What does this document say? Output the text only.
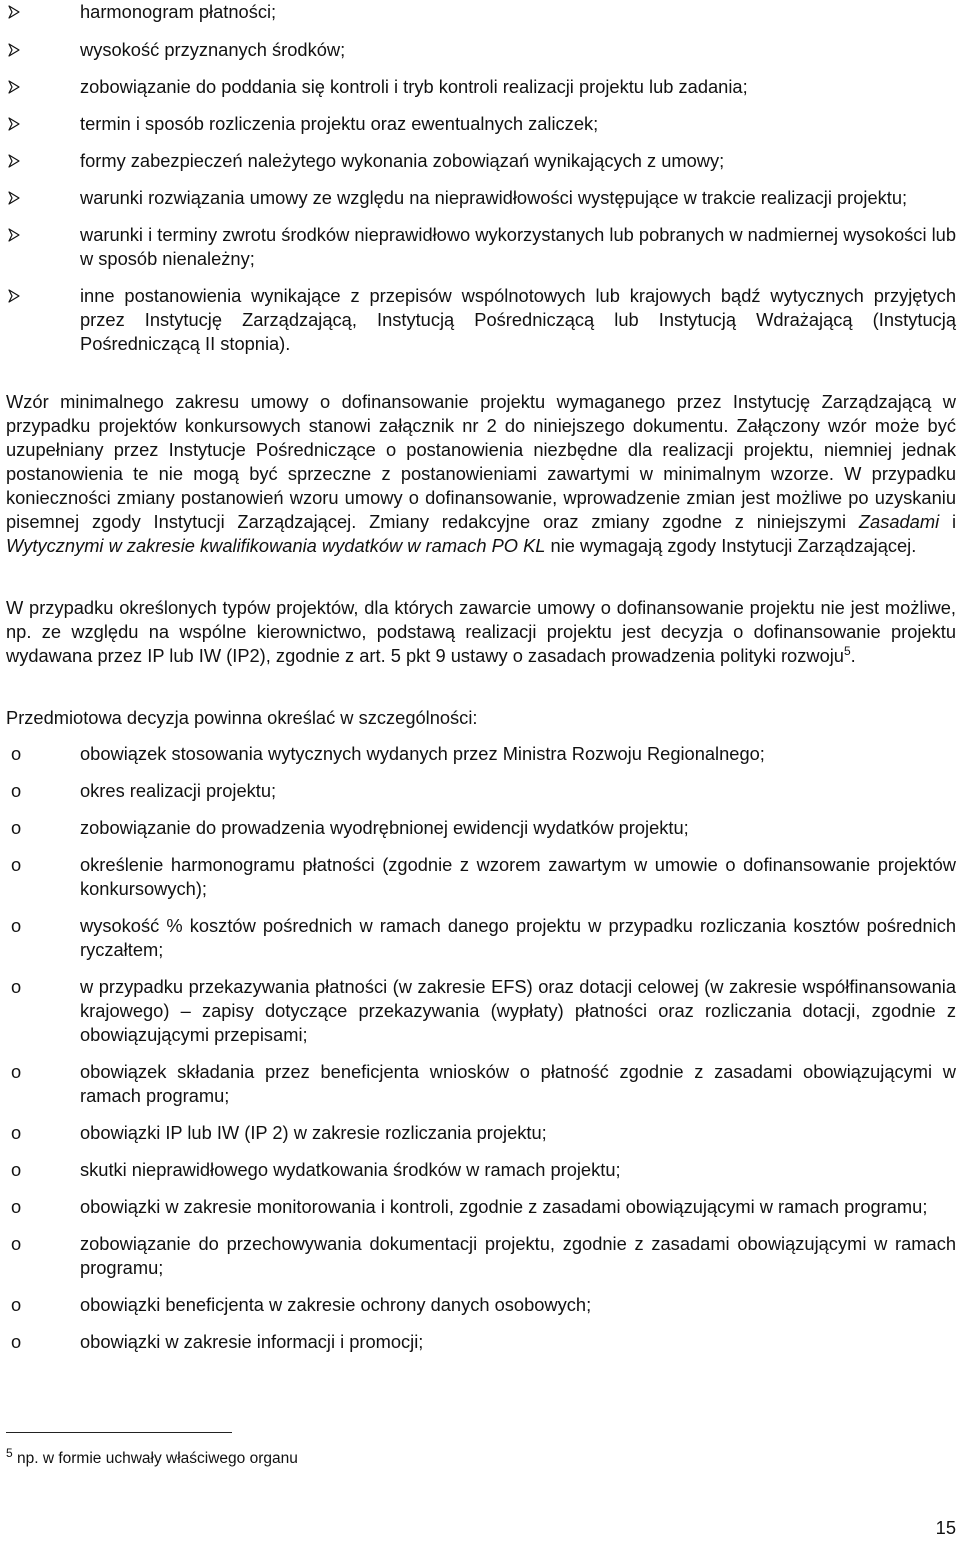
harmonogram płatności;
wysokość przyznanych środków;
zobowiązanie do poddania się kontroli i tryb kontroli realizacji projektu lub zadania;
termin i sposób rozliczenia projektu oraz ewentualnych zaliczek;
formy zabezpieczeń należytego wykonania zobowiązań wynikających z umowy;
warunki rozwiązania umowy ze względu na nieprawidłowości występujące w trakcie realizacji projektu;
warunki i terminy zwrotu środków nieprawidłowo wykorzystanych lub pobranych w nadmiernej wysokości lub w sposób nienależny;
inne postanowienia wynikające z przepisów wspólnotowych lub krajowych bądź wytycznych przyjętych przez Instytucję Zarządzającą, Instytucją Pośredniczącą lub Instytucją Wdrażającą (Instytucją Pośredniczącą II stopnia).

Wzór minimalnego zakresu umowy o dofinansowanie projektu wymaganego przez Instytucję Zarządzającą w przypadku projektów konkursowych stanowi załącznik nr 2 do niniejszego dokumentu. Załączony wzór może być uzupełniany przez Instytucje Pośredniczące o postanowienia niezbędne dla realizacji projektu, niemniej jednak postanowienia te nie mogą być sprzeczne z postanowieniami zawartymi w minimalnym wzorze. W przypadku konieczności zmiany postanowień wzoru umowy o dofinansowanie, wprowadzenie zmian jest możliwe po uzyskaniu pisemnej zgody Instytucji Zarządzającej. Zmiany redakcyjne oraz zmiany zgodne z niniejszymi Zasadami i Wytycznymi w zakresie kwalifikowania wydatków w ramach PO KL nie wymagają zgody Instytucji Zarządzającej.

W przypadku określonych typów projektów, dla których zawarcie umowy o dofinansowanie projektu nie jest możliwe, np. ze względu na wspólne kierownictwo, podstawą realizacji projektu jest decyzja o dofinansowanie projektu wydawana przez IP lub IW (IP2), zgodnie z art. 5 pkt 9 ustawy o zasadach prowadzenia polityki rozwoju$^5$.

Przedmiotowa decyzja powinna określać w szczególności:

o	obowiązek stosowania wytycznych wydanych przez Ministra Rozwoju Regionalnego;
o	okres realizacji projektu;
o	zobowiązanie do prowadzenia wyodrębnionej ewidencji wydatków projektu;
o	określenie harmonogramu płatności (zgodnie z wzorem zawartym w umowie o dofinansowanie projektów konkursowych);
o	wysokość % kosztów pośrednich w ramach danego projektu w przypadku rozliczania kosztów pośrednich ryczałtem;
o	w przypadku przekazywania płatności (w zakresie EFS) oraz dotacji celowej (w zakresie współfinansowania krajowego) – zapisy dotyczące przekazywania (wypłaty) płatności oraz rozliczania dotacji, zgodnie z obowiązującymi przepisami;
o	obowiązek składania przez beneficjenta wniosków o płatność zgodnie z zasadami obowiązującymi w ramach programu;
o	obowiązki IP lub IW (IP 2) w zakresie rozliczania projektu;
o	skutki nieprawidłowego wydatkowania środków w ramach projektu;
o	obowiązki w zakresie monitorowania i kontroli, zgodnie z zasadami obowiązującymi w ramach programu;
o	zobowiązanie do przechowywania dokumentacji projektu, zgodnie z zasadami obowiązującymi w ramach programu;
o	obowiązki beneficjenta w zakresie ochrony danych osobowych;
o	obowiązki w zakresie informacji i promocji;
$^5$ np. w formie uchwały właściwego organu
15
